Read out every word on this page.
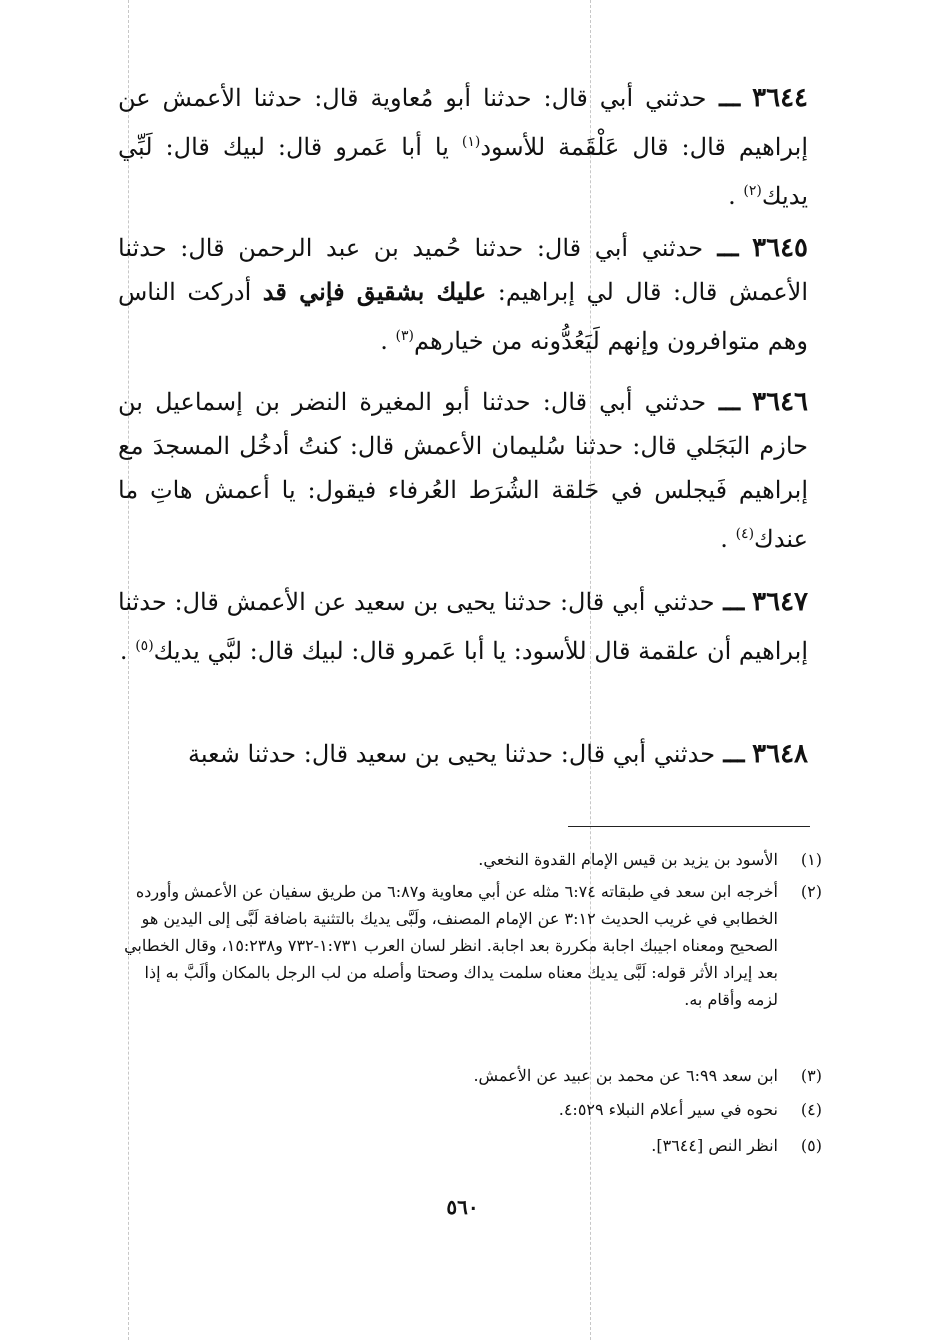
٣٦٤٤ ـــ حدثني أبي قال: حدثنا أبو مُعاوية قال: حدثنا الأعمش عن إبراهيم قال: قال عَلْقَمة للأسود$^{(١)}$ يا أبا عَمرو قال: لبيك قال: لَبِّي يديك$^{(٢)}$ .
٣٦٤٥ ـــ حدثني أبي قال: حدثنا حُميد بن عبد الرحمن قال: حدثنا الأعمش قال: قال لي إبراهيم: عليك بشقيق فإني قد أدركت الناس وهم متوافرون وإنهم لَيَعُدُّونه من خيارهم$^{(٣)}$ .
٣٦٤٦ ـــ حدثني أبي قال: حدثنا أبو المغيرة النضر بن إسماعيل بن حازم البَجَلي قال: حدثنا سُليمان الأعمش قال: كنتُ أدخُل المسجدَ مع إبراهيم فَيجلس في حَلقة الشُرَط العُرفاء فيقول: يا أعمش هاتِ ما عندك$^{(٤)}$ .
٣٦٤٧ ـــ حدثني أبي قال: حدثنا يحيى بن سعيد عن الأعمش قال: حدثنا إبراهيم أن علقمة قال للأسود: يا أبا عَمرو قال: لبيك قال: لبَّي يديك$^{(٥)}$ .
٣٦٤٨ ـــ حدثني أبي قال: حدثنا يحيى بن سعيد قال: حدثنا شعبة
(١)
الأسود بن يزيد بن قيس الإمام القدوة النخعي.
(٢)
أخرجه ابن سعد في طبقاته ٦:٧٤ مثله عن أبي معاوية و٦:٨٧ من طريق سفيان عن الأعمش وأورده الخطابي في غريب الحديث ٣:١٢ عن الإمام المصنف، ولَبَّى يديك بالتثنية باضافة لَبَّى إلى اليدين هو الصحيح ومعناه اجيبك اجابة مكررة بعد اجابة. انظر لسان العرب ١:٧٣١-٧٣٢ و١٥:٢٣٨، وقال الخطابي بعد إيراد الأثر قوله: لَبَّى يديك معناه سلمت يداك وصحتا وأصله من لب الرجل بالمكان وألَبَّ به إذا لزمه وأقام به.
(٣)
ابن سعد ٦:٩٩ عن محمد بن عبيد عن الأعمش.
(٤)
نحوه في سير أعلام النبلاء ٤:٥٢٩.
(٥)
انظر النص [٣٦٤٤].
٥٦٠
